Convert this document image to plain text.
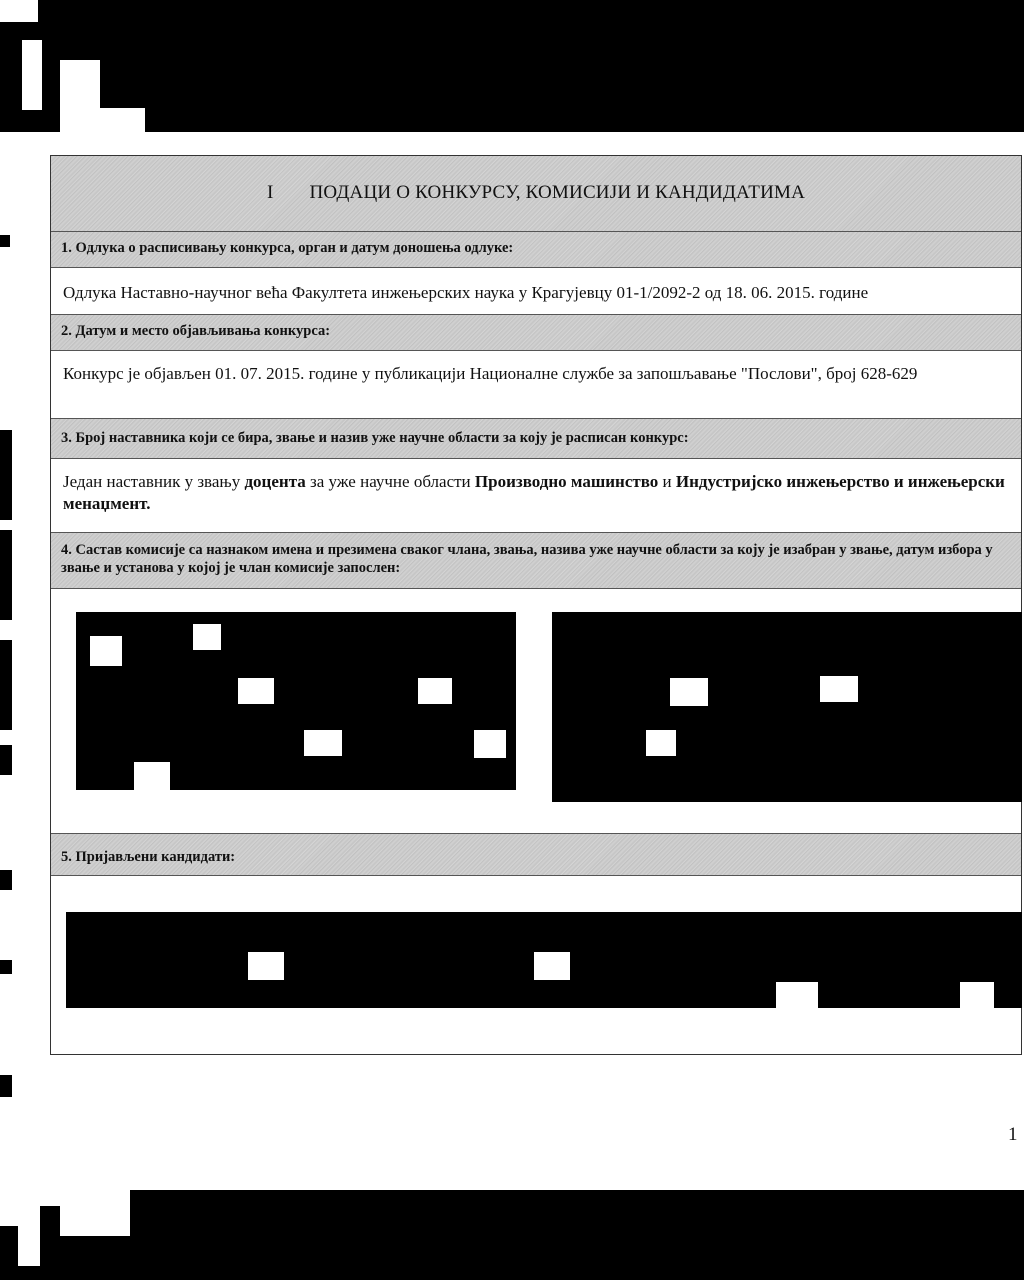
I ПОДАЦИ О КОНКУРСУ, КОМИСИЈИ И КАНДИДАТИМА
1. Одлука о расписивању конкурса, орган и датум доношења одлуке:
Одлука Наставно-научног већа Факултета инжењерских наука у Крагујевцу 01-1/2092-2 од 18. 06. 2015. године
2. Датум и место објављивања конкурса:
Конкурс је објављен 01. 07. 2015. године у публикацији Националне службе за запошљавање "Послови", број 628-629
3. Број наставника који се бира, звање и назив уже научне области за коју је расписан конкурс:
Један наставник у звању доцента за уже научне области Производно машинство и Индустријско инжењерство и инжењерски менаџмент.
4. Састав комисије са назнаком имена и презимена сваког члана, звања, назива уже научне области за коју је изабран у звање, датум избора у звање и установа у којој је члан комисије запослен:

5. Пријављени кандидати:

1
